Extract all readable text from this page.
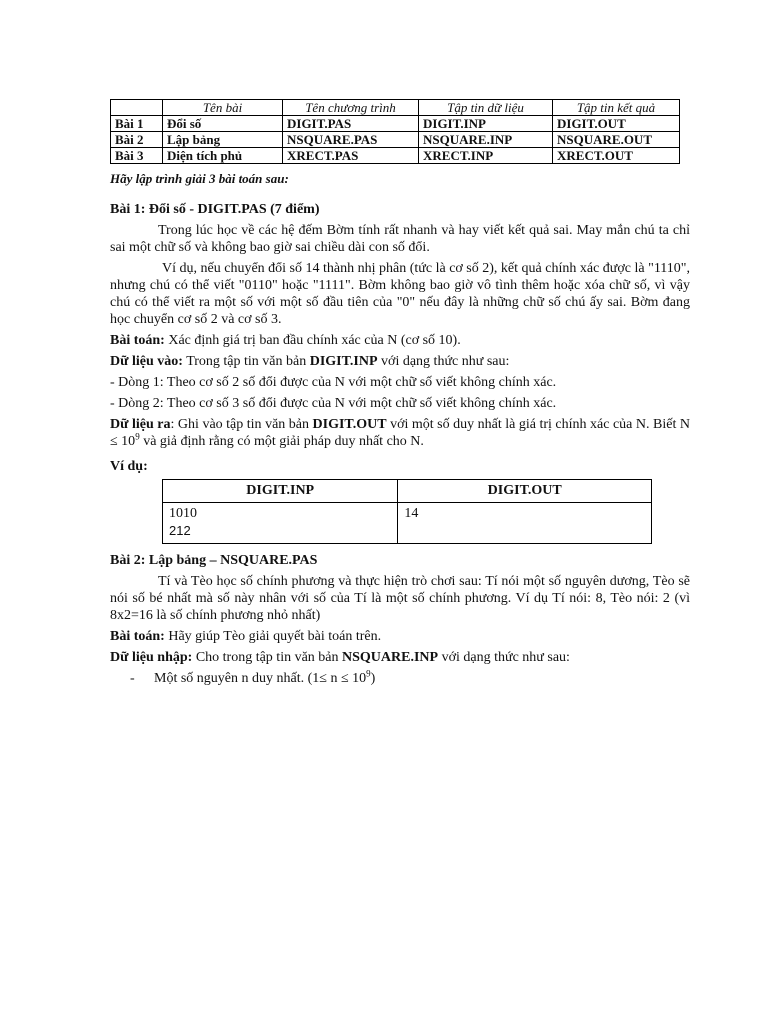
	Tên bài	Tên chương trình	Tập tin dữ liệu	Tập tin kết quả
Bài 1	Đổi số	DIGIT.PAS	DIGIT.INP	DIGIT.OUT
Bài 2	Lập bảng	NSQUARE.PAS	NSQUARE.INP	NSQUARE.OUT
Bài 3	Diện tích phủ	XRECT.PAS	XRECT.INP	XRECT.OUT
Hãy lập trình giải 3 bài toán sau:
Bài 1: Đổi số - DIGIT.PAS (7 điểm)

Trong lúc học về các hệ đếm Bờm tính rất nhanh và hay viết kết quả sai. May mắn chú ta chỉ sai một chữ số và không bao giờ sai chiều dài con số đổi.

Ví dụ, nếu chuyển đổi số 14 thành nhị phân (tức là cơ số 2), kết quả chính xác được là "1110", nhưng chú có thể viết "0110" hoặc "1111". Bờm không bao giờ vô tình thêm hoặc xóa chữ số, vì vậy chú có thể viết ra một số với một số đầu tiên của "0" nếu đây là những chữ số chú ấy sai. Bờm đang học chuyển cơ số 2 và cơ số 3.

Bài toán: Xác định giá trị ban đầu chính xác của N (cơ số 10).

Dữ liệu vào: Trong tập tin văn bản DIGIT.INP với dạng thức như sau:

- Dòng 1: Theo cơ số 2 số đổi được của N với một chữ số viết không chính xác.
- Dòng 2: Theo cơ số 3 số đổi được của N với một chữ số viết không chính xác.

Dữ liệu ra: Ghi vào tập tin văn bản DIGIT.OUT với một số duy nhất là giá trị chính xác của N. Biết $N \le 10^9$ và giả định rằng có một giải pháp duy nhất cho N.

Ví dụ:
DIGIT.INP	DIGIT.OUT

1010
212	14
Bài 2: Lập bảng – NSQUARE.PAS

Tí và Tèo học số chính phương và thực hiện trò chơi sau: Tí nói một số nguyên dương, Tèo sẽ nói số bé nhất mà số này nhân với số của Tí là một số chính phương. Ví dụ Tí nói: 8, Tèo nói: 2 (vì 8x2=16 là số chính phương nhỏ nhất)

Bài toán: Hãy giúp Tèo giải quyết bài toán trên.

Dữ liệu nhập: Cho trong tập tin văn bản NSQUARE.INP với dạng thức như sau:

-	Một số nguyên n duy nhất. $(1\le n \le 10^9)$
